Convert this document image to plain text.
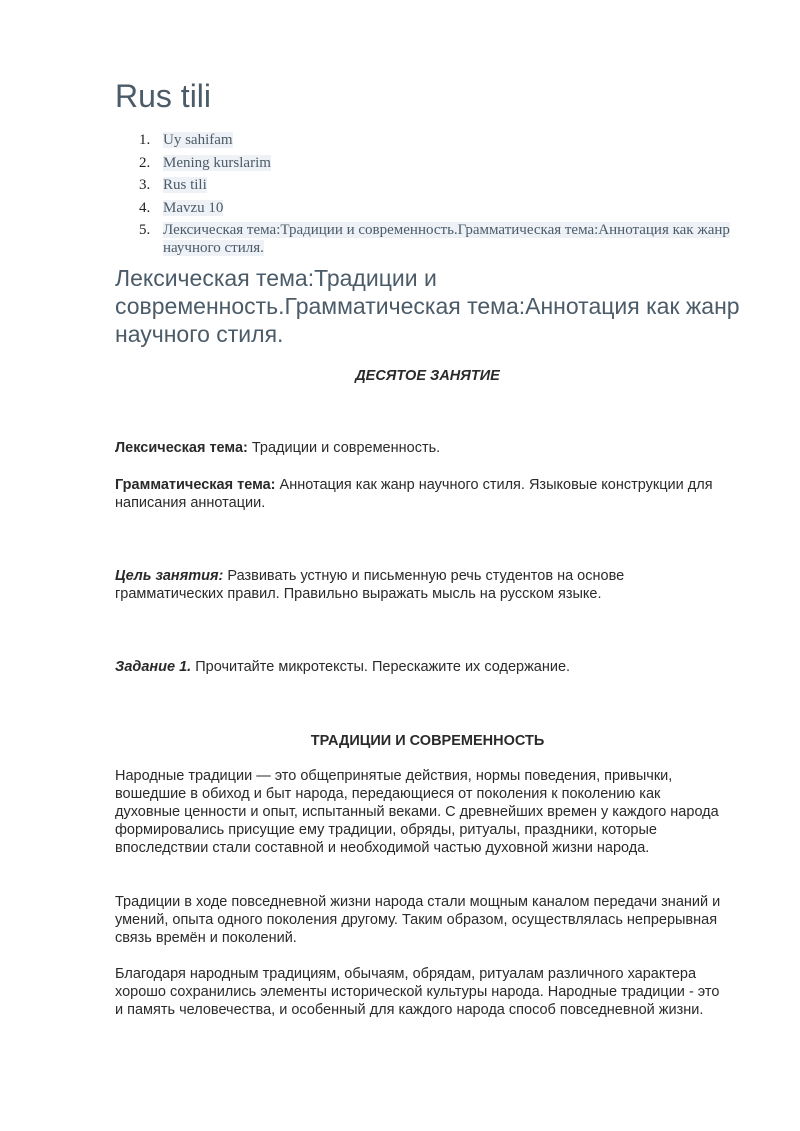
Rus tili
1. Uy sahifam
2. Mening kurslarim
3. Rus tili
4. Mavzu 10
5. Лексическая тема:Традиции и современность.Грамматическая тема:Аннотация как жанр научного стиля.
Лексическая тема:Традиции и современность.Грамматическая тема:Аннотация как жанр научного стиля.

ДЕСЯТОЕ ЗАНЯТИЕ

Лексическая тема: Традиции и современность.

Грамматическая тема: Аннотация как жанр научного стиля. Языковые конструкции для написания аннотации.

Цель занятия: Развивать устную и письменную речь студентов на основе грамматических правил. Правильно выражать мысль на русском языке.

Задание 1. Прочитайте микротексты. Перескажите их содержание.

ТРАДИЦИИ И СОВРЕМЕННОСТЬ

Народные традиции — это общепринятые действия, нормы поведения, привычки, вошедшие в обиход и быт народа, передающиеся от поколения к поколению как духовные ценности и опыт, испытанный веками. С древнейших времен у каждого народа формировались присущие ему традиции, обряды, ритуалы, праздники, которые впоследствии стали составной и необходимой частью духовной жизни народа.

Традиции в ходе повседневной жизни народа стали мощным каналом передачи знаний и умений, опыта одного поколения другому. Таким образом, осуществлялась непрерывная связь времён и поколений.

Благодаря народным традициям, обычаям, обрядам, ритуалам различного характера хорошо сохранились элементы исторической культуры народа. Народные традиции - это и память человечества, и особенный для каждого народа способ повседневной жизни.
